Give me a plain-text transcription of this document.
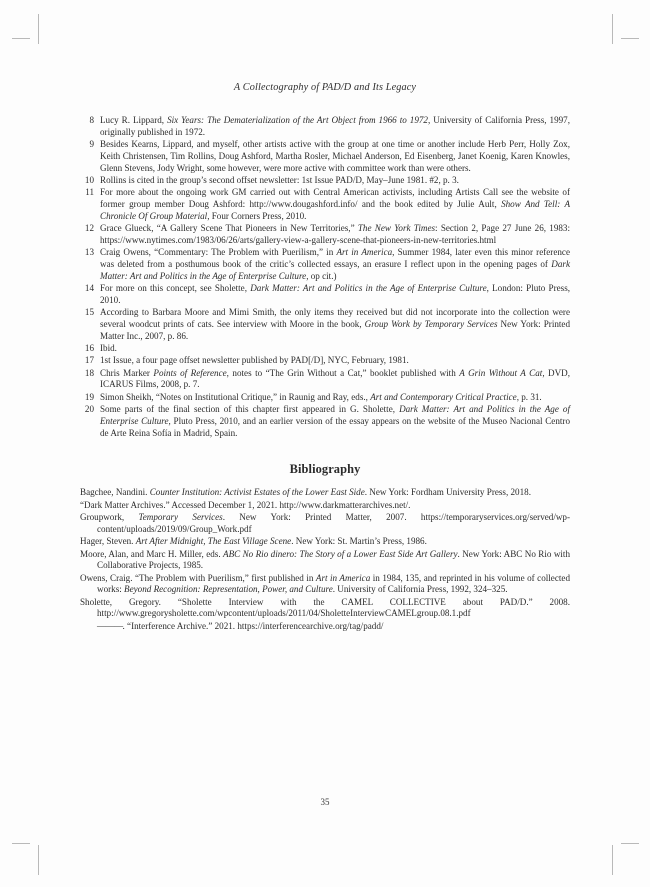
A Collectography of PAD/D and Its Legacy
8 Lucy R. Lippard, Six Years: The Dematerialization of the Art Object from 1966 to 1972, University of California Press, 1997, originally published in 1972.
9 Besides Kearns, Lippard, and myself, other artists active with the group at one time or another include Herb Perr, Holly Zox, Keith Christensen, Tim Rollins, Doug Ashford, Martha Rosler, Michael Anderson, Ed Eisenberg, Janet Koenig, Karen Knowles, Glenn Stevens, Jody Wright, some however, were more active with committee work than were others.
10 Rollins is cited in the group’s second offset newsletter: 1st Issue PAD/D, May–June 1981. #2, p. 3.
11 For more about the ongoing work GM carried out with Central American activists, including Artists Call see the website of former group member Doug Ashford: http://www.dougashford.info/ and the book edited by Julie Ault, Show And Tell: A Chronicle Of Group Material, Four Corners Press, 2010.
12 Grace Glueck, “A Gallery Scene That Pioneers in New Territories,” The New York Times: Section 2, Page 27 June 26, 1983: https://www.nytimes.com/1983/06/26/arts/gallery-view-a-gallery-scene-that-pioneers-in-new-territories.html
13 Craig Owens, “Commentary: The Problem with Puerilism,” in Art in America, Summer 1984, later even this minor reference was deleted from a posthumous book of the critic’s collected essays, an erasure I reflect upon in the opening pages of Dark Matter: Art and Politics in the Age of Enterprise Culture, op cit.)
14 For more on this concept, see Sholette, Dark Matter: Art and Politics in the Age of Enterprise Culture, London: Pluto Press, 2010.
15 According to Barbara Moore and Mimi Smith, the only items they received but did not incorporate into the collection were several woodcut prints of cats. See interview with Moore in the book, Group Work by Temporary Services New York: Printed Matter Inc., 2007, p. 86.
16 Ibid.
17 1st Issue, a four page offset newsletter published by PAD[/D], NYC, February, 1981.
18 Chris Marker Points of Reference, notes to “The Grin Without a Cat,” booklet published with A Grin Without A Cat, DVD, ICARUS Films, 2008, p. 7.
19 Simon Sheikh, “Notes on Institutional Critique,” in Raunig and Ray, eds., Art and Contemporary Critical Practice, p. 31.
20 Some parts of the final section of this chapter first appeared in G. Sholette, Dark Matter: Art and Politics in the Age of Enterprise Culture, Pluto Press, 2010, and an earlier version of the essay appears on the website of the Museo Nacional Centro de Arte Reina Sofía in Madrid, Spain.
Bibliography
Bagchee, Nandini. Counter Institution: Activist Estates of the Lower East Side. New York: Fordham University Press, 2018.
“Dark Matter Archives.” Accessed December 1, 2021. http://www.darkmatterarchives.net/.
Groupwork, Temporary Services. New York: Printed Matter, 2007. https://temporaryservices.org/served/wp-content/uploads/2019/09/Group_Work.pdf
Hager, Steven. Art After Midnight, The East Village Scene. New York: St. Martin’s Press, 1986.
Moore, Alan, and Marc H. Miller, eds. ABC No Rio dinero: The Story of a Lower East Side Art Gallery. New York: ABC No Rio with Collaborative Projects, 1985.
Owens, Craig. “The Problem with Puerilism,” first published in Art in America in 1984, 135, and reprinted in his volume of collected works: Beyond Recognition: Representation, Power, and Culture. University of California Press, 1992, 324–325.
Sholette, Gregory. “Sholette Interview with the CAMEL COLLECTIVE about PAD/D.” 2008. http://www.gregorysholette.com/wpcontent/uploads/2011/04/SholetteInterviewCAMELgroup.08.1.pdf
———. “Interference Archive.” 2021. https://interferencearchive.org/tag/padd/
35
